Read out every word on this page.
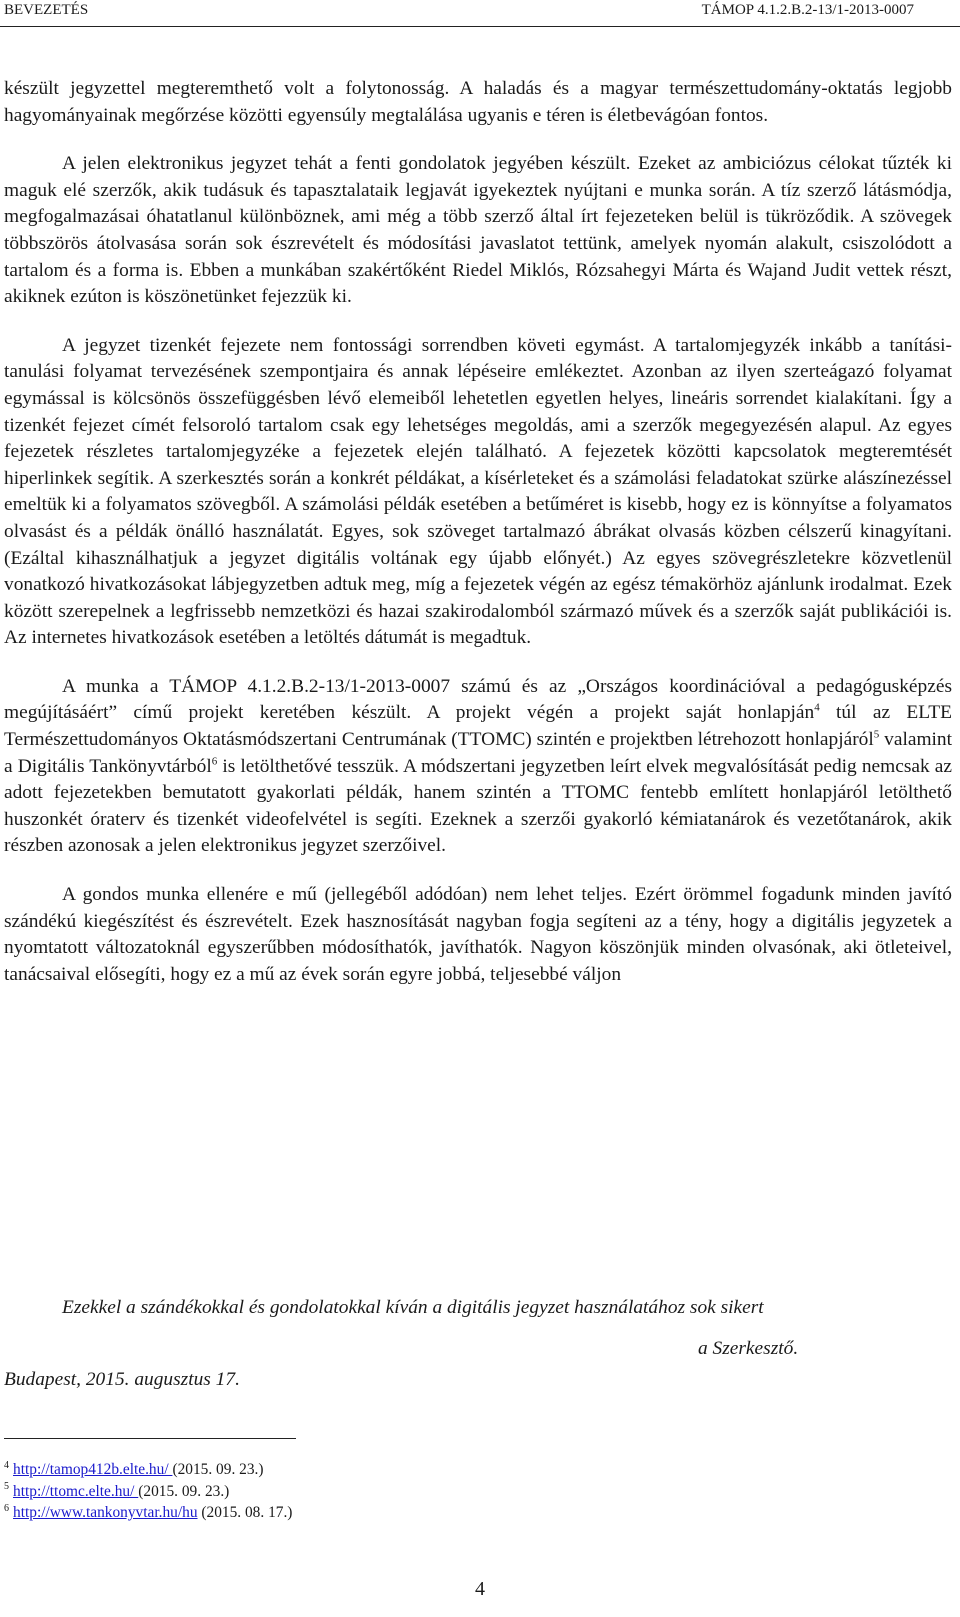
BEVEZETÉS	TÁMOP 4.1.2.B.2-13/1-2013-0007

készült jegyzettel megteremthető volt a folytonosság. A haladás és a magyar természettudomány-oktatás legjobb hagyományainak megőrzése közötti egyensúly megtalálása ugyanis e téren is életbevágóan fontos.

A jelen elektronikus jegyzet tehát a fenti gondolatok jegyében készült. Ezeket az ambiciózus célokat tűzték ki maguk elé szerzők, akik tudásuk és tapasztalataik legjavát igyekeztek nyújtani e munka során. A tíz szerző látásmódja, megfogalmazásai óhatatlanul különböznek, ami még a több szerző által írt fejezeteken belül is tükröződik. A szövegek többszörös átolvasása során sok észrevételt és módosítási javaslatot tettünk, amelyek nyomán alakult, csiszolódott a tartalom és a forma is. Ebben a munkában szakértőként Riedel Miklós, Rózsahegyi Márta és Wajand Judit vettek részt, akiknek ezúton is köszönetünket fejezzük ki.

A jegyzet tizenkét fejezete nem fontossági sorrendben követi egymást. A tartalomjegyzék inkább a tanítási-tanulási folyamat tervezésének szempontjaira és annak lépéseire emlékeztet. Azonban az ilyen szerteágazó folyamat egymással is kölcsönös összefüggésben lévő elemeiből lehetetlen egyetlen helyes, lineáris sorrendet kialakítani. Így a tizenkét fejezet címét felsoroló tartalom csak egy lehetséges megoldás, ami a szerzők megegyezésén alapul. Az egyes fejezetek részletes tartalomjegyzéke a fejezetek elején található. A fejezetek közötti kapcsolatok megteremtését hiperlinkek segítik. A szerkesztés során a konkrét példákat, a kísérleteket és a számolási feladatokat szürke alászínezéssel emeltük ki a folyamatos szövegből. A számolási példák esetében a betűméret is kisebb, hogy ez is könnyítse a folyamatos olvasást és a példák önálló használatát. Egyes, sok szöveget tartalmazó ábrákat olvasás közben célszerű kinagyítani. (Ezáltal kihasználhatjuk a jegyzet digitális voltának egy újabb előnyét.) Az egyes szövegrészletekre közvetlenül vonatkozó hivatkozásokat lábjegyzetben adtuk meg, míg a fejezetek végén az egész témakörhöz ajánlunk irodalmat. Ezek között szerepelnek a legfrissebb nemzetközi és hazai szakirodalomból származó művek és a szerzők saját publikációi is. Az internetes hivatkozások esetében a letöltés dátumát is megadtuk.

A munka a TÁMOP 4.1.2.B.2-13/1-2013-0007 számú és az „Országos koordinációval a pedagógusképzés megújításáért” című projekt keretében készült. A projekt végén a projekt saját honlapján$^4$ túl az ELTE Természettudományos Oktatásmódszertani Centrumának (TTOMC) szintén e projektben létrehozott honlapjáról$^5$ valamint a Digitális Tankönyvtárból$^6$ is letölthetővé tesszük. A módszertani jegyzetben leírt elvek megvalósítását pedig nemcsak az adott fejezetekben bemutatott gyakorlati példák, hanem szintén a TTOMC fentebb említett honlapjáról letölthető huszonkét óraterv és tizenkét videofelvétel is segíti. Ezeknek a szerzői gyakorló kémiatanárok és vezetőtanárok, akik részben azonosak a jelen elektronikus jegyzet szerzőivel.

A gondos munka ellenére e mű (jellegéből adódóan) nem lehet teljes. Ezért örömmel fogadunk minden javító szándékú kiegészítést és észrevételt. Ezek hasznosítását nagyban fogja segíteni az a tény, hogy a digitális jegyzetek a nyomtatott változatoknál egyszerűbben módosíthatók, javíthatók. Nagyon köszönjük minden olvasónak, aki ötleteivel, tanácsaival elősegíti, hogy ez a mű az évek során egyre jobbá, teljesebbé váljon

Ezekkel a szándékokkal és gondolatokkal kíván a digitális jegyzet használatához sok sikert
a Szerkesztő.
Budapest, 2015. augusztus 17.
$^4$ http://tamop412b.elte.hu/ (2015. 09. 23.)
$^5$ http://ttomc.elte.hu/ (2015. 09. 23.)
$^6$ http://www.tankonyvtar.hu/hu (2015. 08. 17.)
4
